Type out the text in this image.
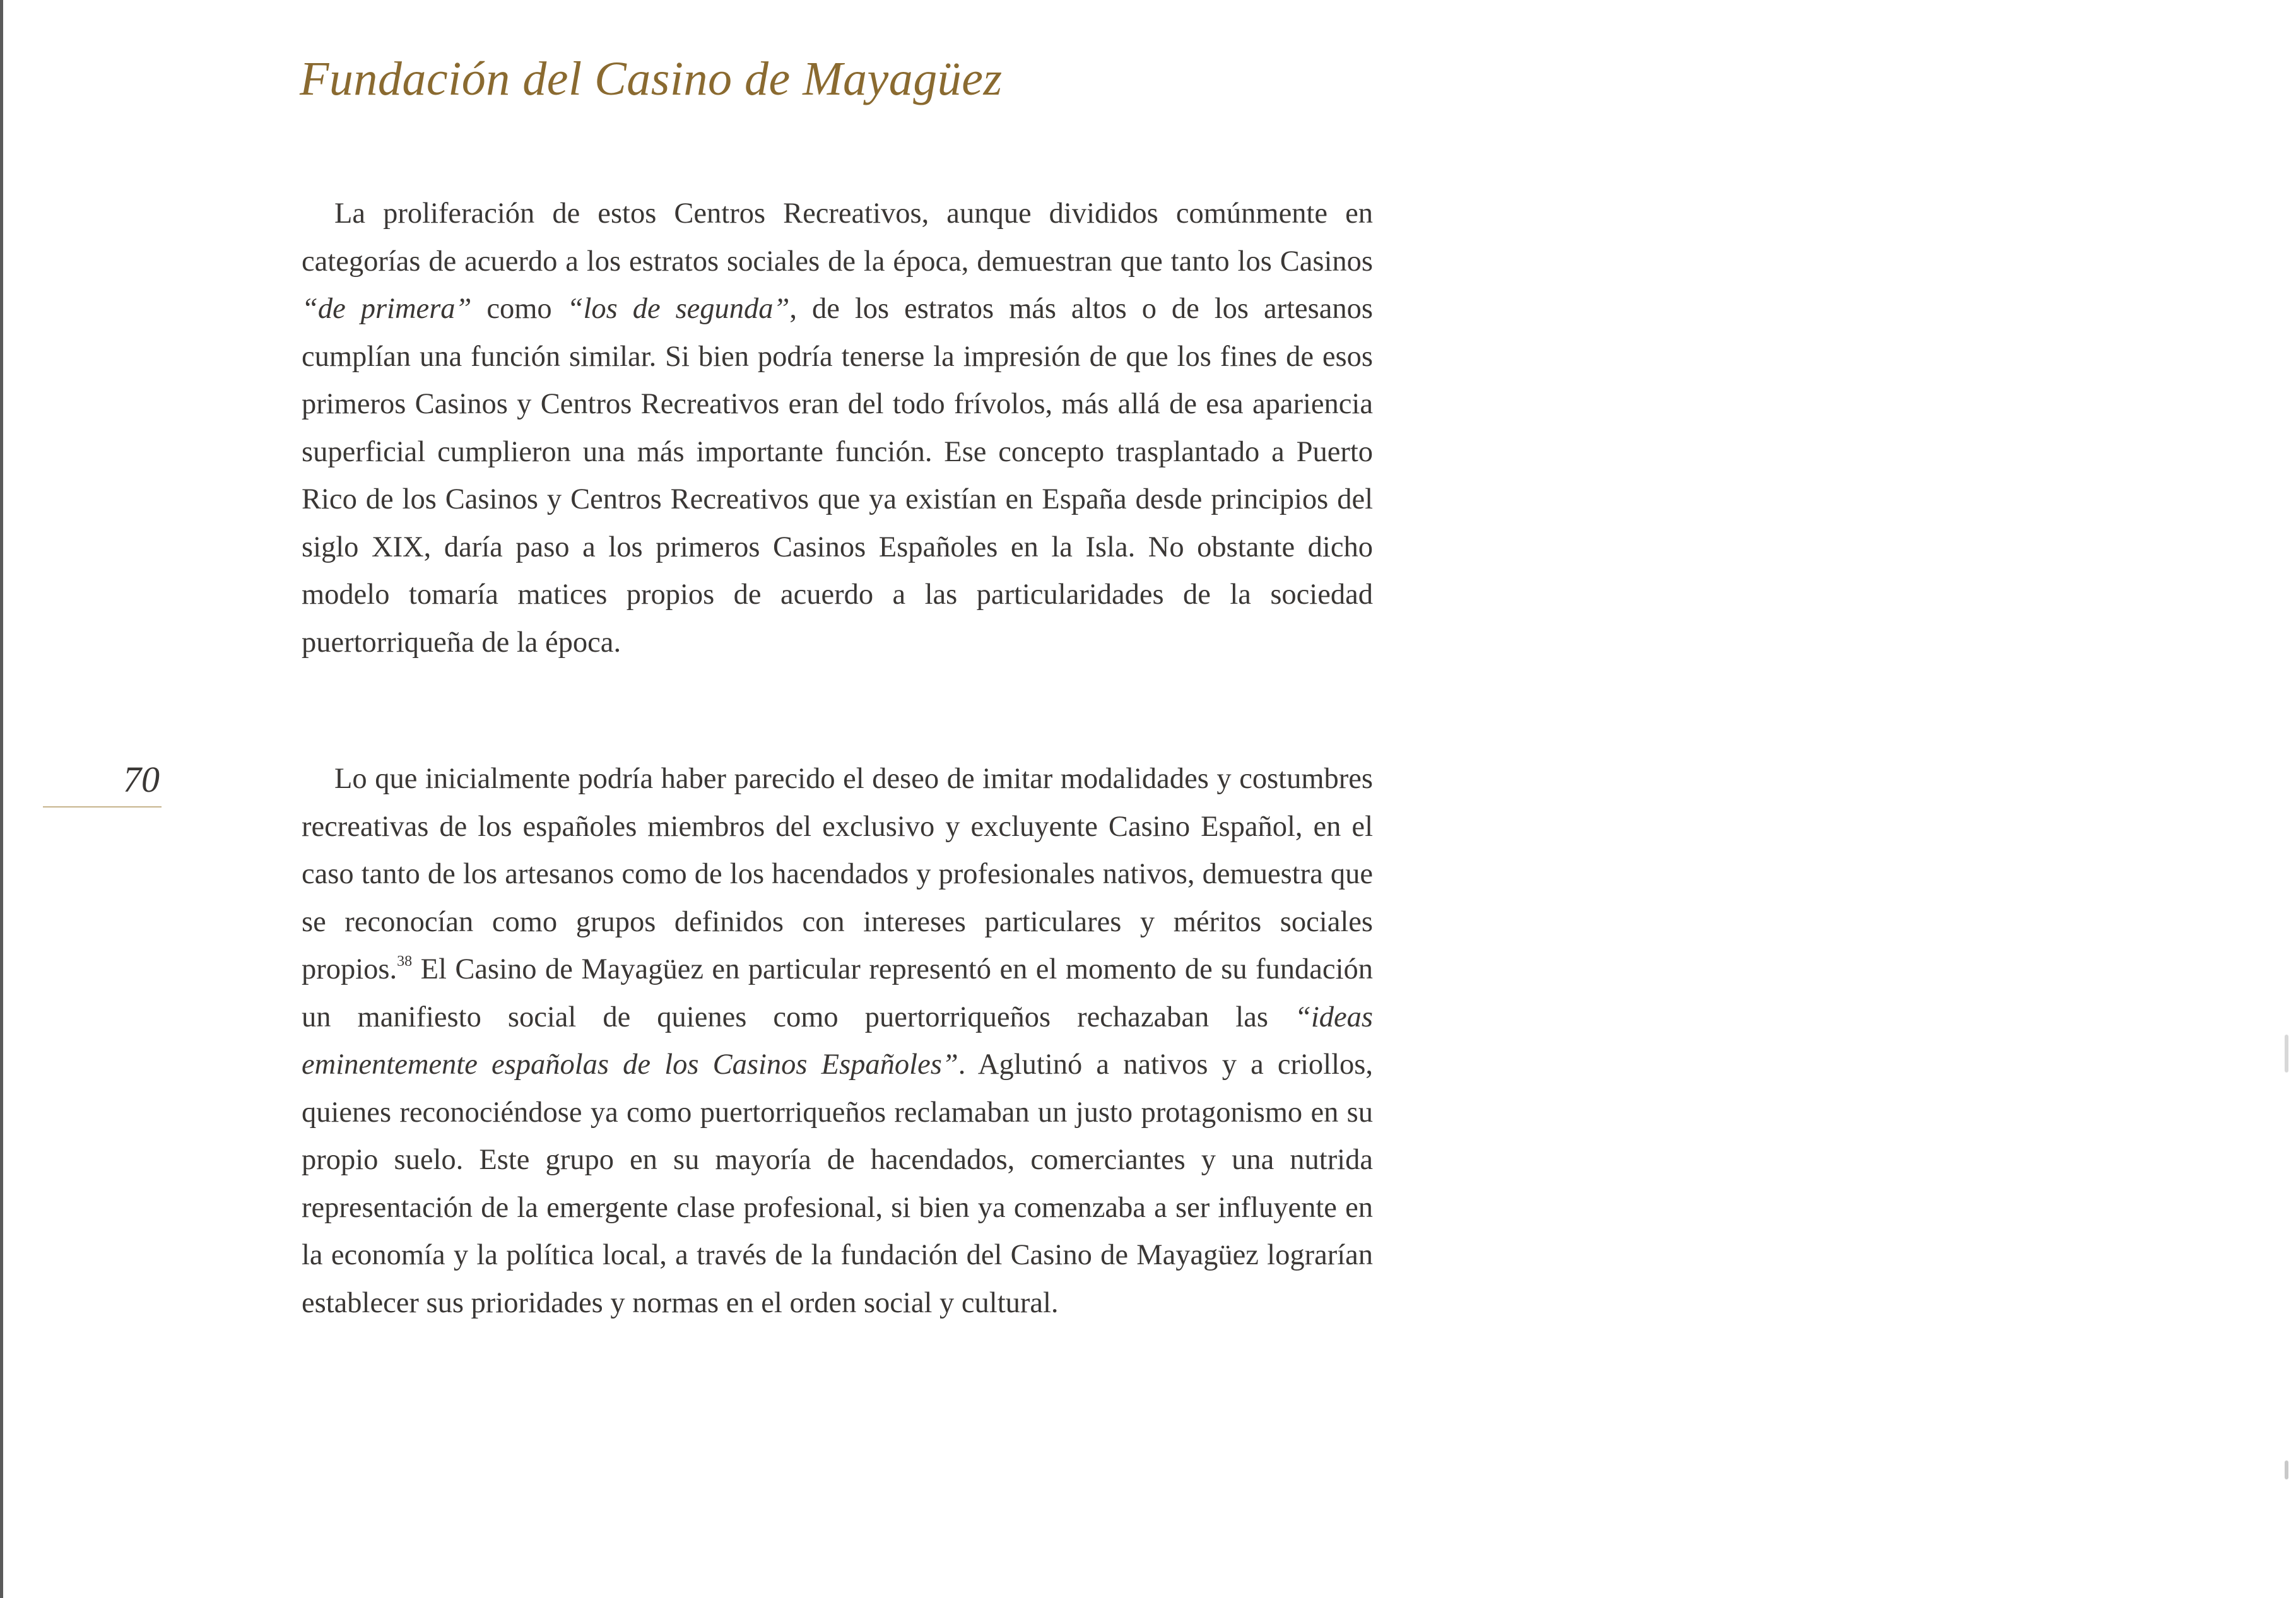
Fundación del Casino de Mayagüez
70

La proliferación de estos Centros Recreativos, aunque divididos comúnmente en categorías de acuerdo a los estratos sociales de la época, demuestran que tanto los Casinos “de primera” como “los de segunda”, de los estratos más altos o de los artesanos cumplían una función similar. Si bien podría tenerse la impresión de que los fines de esos primeros Casinos y Centros Recreativos eran del todo frívolos, más allá de esa apariencia superficial cumplieron una más importante función. Ese concepto trasplantado a Puerto Rico de los Casinos y Centros Recreativos que ya existían en España desde principios del siglo XIX, daría paso a los primeros Casinos Españoles en la Isla. No obstante dicho modelo tomaría matices propios de acuerdo a las particularidades de la sociedad puertorriqueña de la época.

Lo que inicialmente podría haber parecido el deseo de imitar modalidades y costumbres recreativas de los españoles miembros del exclusivo y excluyente Casino Español, en el caso tanto de los artesanos como de los hacendados y profesionales nativos, demuestra que se reconocían como grupos definidos con intereses particulares y méritos sociales propios.$^{38}$ El Casino de Mayagüez en particular representó en el momento de su fundación un manifiesto social de quienes como puertorriqueños rechazaban las “ideas eminentemente españolas de los Casinos Españoles”. Aglutinó a nativos y a criollos, quienes reconociéndose ya como puertorriqueños reclamaban un justo protagonismo en su propio suelo. Este grupo en su mayoría de hacendados, comerciantes y una nutrida representación de la emergente clase profesional, si bien ya comenzaba a ser influyente en la economía y la política local, a través de la fundación del Casino de Mayagüez lograrían establecer sus prioridades y normas en el orden social y cultural.
